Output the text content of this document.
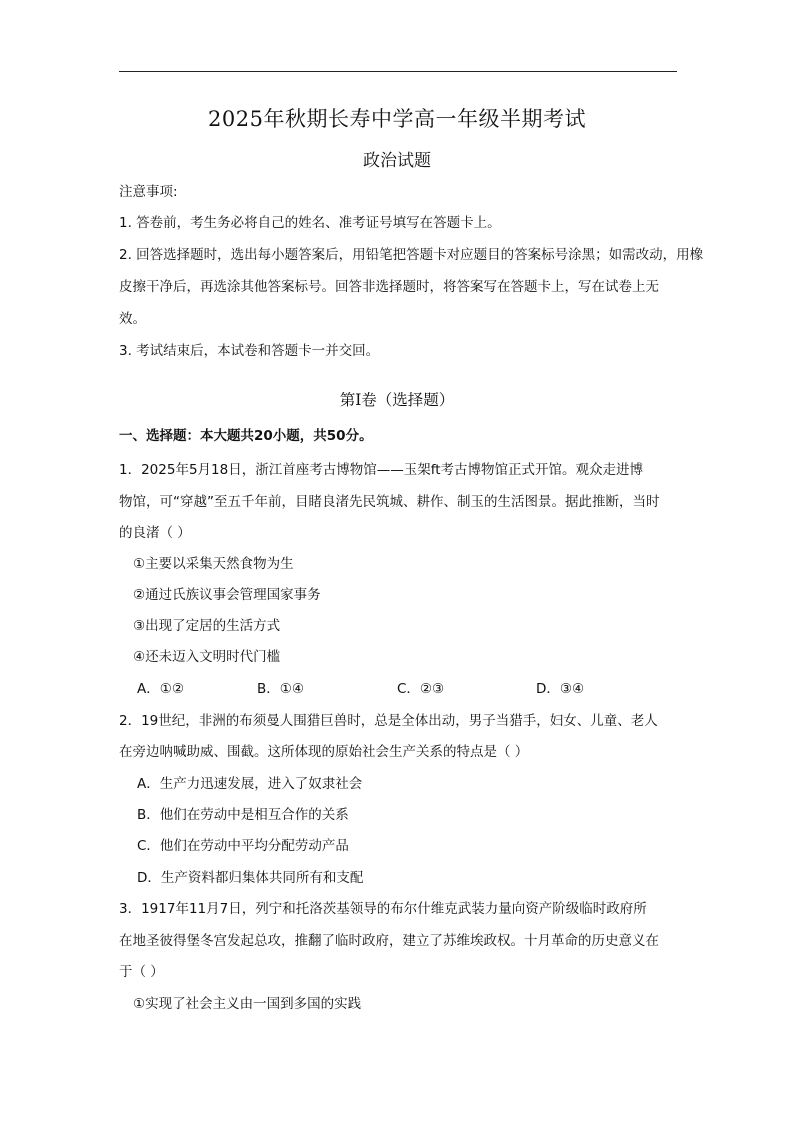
2025年秋期长寿中学高一年级半期考试
政治试题
注意事项:
1. 答卷前，考生务必将自己的姓名、准考证号填写在答题卡上。
2. 回答选择题时，选出每小题答案后，用铅笔把答题卡对应题目的答案标号涂黑；如需改动，用橡
皮擦干净后，再选涂其他答案标号。回答非选择题时，将答案写在答题卡上，写在试卷上无
效。
3. 考试结束后，本试卷和答题卡一并交回。
第I卷（选择题）
一、选择题：本大题共20小题，共50分。
1．2025年5月18日，浙江首座考古博物馆——玉架ft考古博物馆正式开馆。观众走进博
物馆，可“穿越”至五千年前，目睹良渚先民筑城、耕作、制玉的生活图景。据此推断，当时
的良渚（ ）
①主要以采集天然食物为生
②通过氏族议事会管理国家事务
③出现了定居的生活方式
④还未迈入文明时代门槛
A．①②	B．①④	C．②③	D．③④
2．19世纪，非洲的布须曼人围猎巨兽时，总是全体出动，男子当猎手，妇女、儿童、老人
在旁边呐喊助威、围截。这所体现的原始社会生产关系的特点是（ ）
A．生产力迅速发展，进入了奴隶社会
B．他们在劳动中是相互合作的关系
C．他们在劳动中平均分配劳动产品
D．生产资料都归集体共同所有和支配
3．1917年11月7日，列宁和托洛茨基领导的布尔什维克武装力量向资产阶级临时政府所
在地圣彼得堡冬宫发起总攻，推翻了临时政府，建立了苏维埃政权。十月革命的历史意义在
于（ ）
①实现了社会主义由一国到多国的实践
